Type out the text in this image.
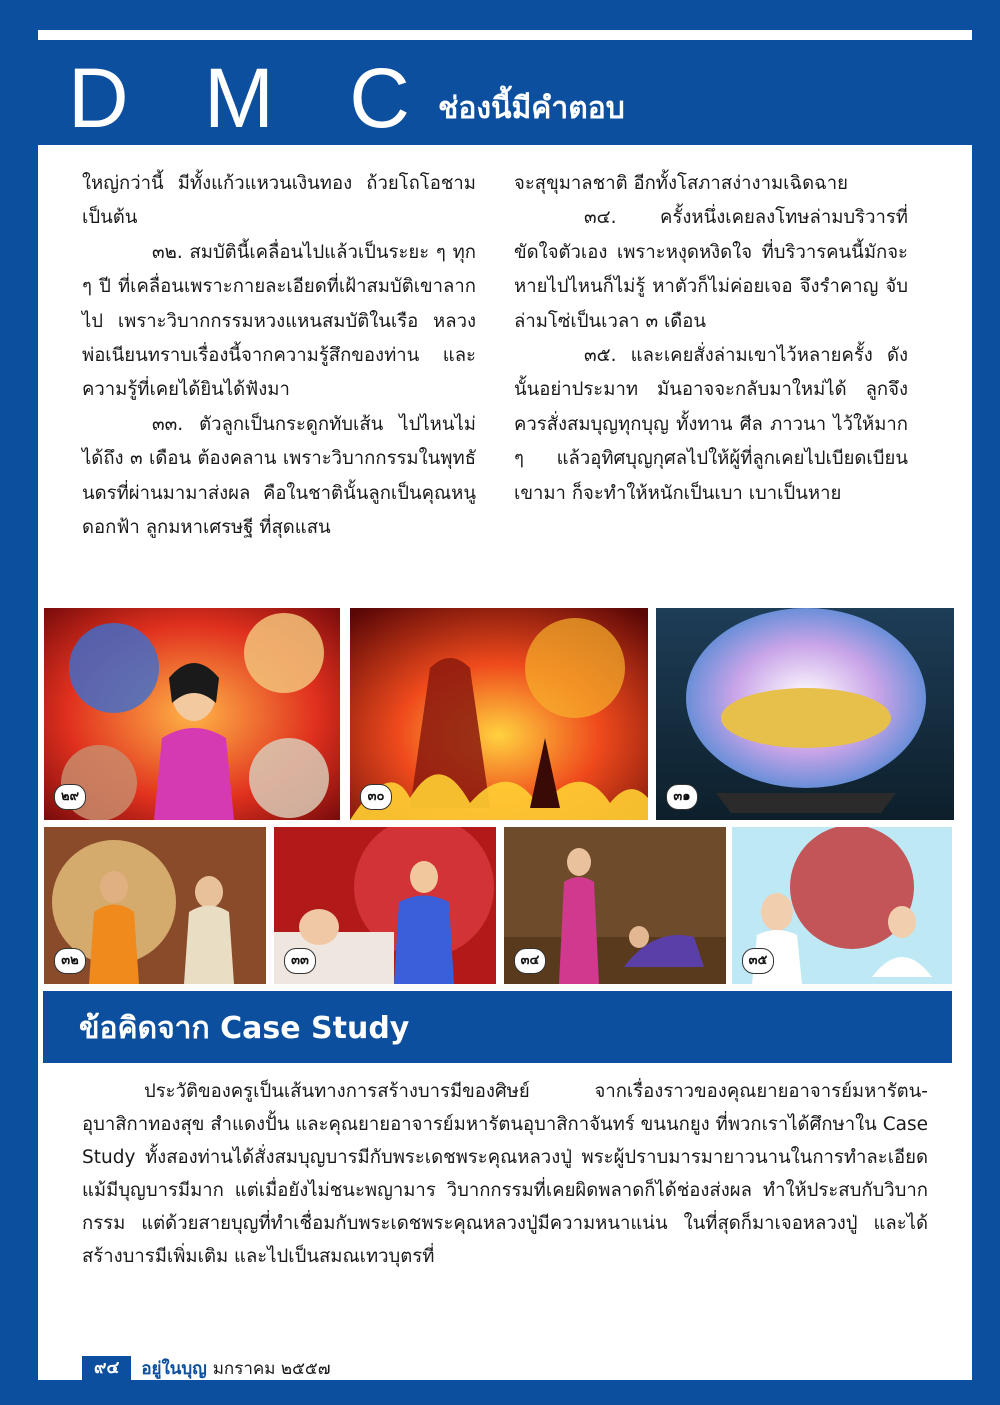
D M C ช่องนี้มีคำตอบ

ใหญ่กว่านี้ มีทั้งแก้วแหวนเงินทอง ถ้วยโถโอชาม เป็นต้น

๓๒. สมบัตินี้เคลื่อนไปแล้วเป็นระยะ ๆ ทุก ๆ ปี ที่เคลื่อนเพราะกายละเอียดที่เฝ้าสมบัติเขาลากไป เพราะวิบากกรรมหวงแหนสมบัติในเรือ หลวงพ่อเนียนทราบเรื่องนี้จากความรู้สึกของท่าน และความรู้ที่เคยได้ยินได้ฟังมา

๓๓. ตัวลูกเป็นกระดูกทับเส้น ไปไหนไม่ได้ถึง ๓ เดือน ต้องคลาน เพราะวิบากกรรมในพุทธันดรที่ผ่านมามาส่งผล คือในชาตินั้นลูกเป็นคุณหนูดอกฟ้า ลูกมหาเศรษฐี ที่สุดแสน

จะสุขุมาลชาติ อีกทั้งโสภาสง่างามเฉิดฉาย

๓๔. ครั้งหนึ่งเคยลงโทษล่ามบริวารที่ขัดใจตัวเอง เพราะหงุดหงิดใจ ที่บริวารคนนี้มักจะหายไปไหนก็ไม่รู้ หาตัวก็ไม่ค่อยเจอ จึงรำคาญ จับล่ามโซ่เป็นเวลา ๓ เดือน

๓๕. และเคยสั่งล่ามเขาไว้หลายครั้ง ดังนั้นอย่าประมาท มันอาจจะกลับมาใหม่ได้ ลูกจึงควรสั่งสมบุญทุกบุญ ทั้งทาน ศีล ภาวนา ไว้ให้มาก ๆ แล้วอุทิศบุญกุศลไปให้ผู้ที่ลูกเคยไปเบียดเบียนเขามา ก็จะทำให้หนักเป็นเบา เบาเป็นหาย

๒๙	๓๐	๓๑
๓๒	๓๓	๓๔	๓๕
ข้อคิดจาก Case Study

ประวัติของครูเป็นเส้นทางการสร้างบารมีของศิษย์ จากเรื่องราวของคุณยายอาจารย์มหารัตน-อุบาสิกาทองสุข สำแดงปั้น และคุณยายอาจารย์มหารัตนอุบาสิกาจันทร์ ขนนกยูง ที่พวกเราได้ศึกษาใน Case Study ทั้งสองท่านได้สั่งสมบุญบารมีกับพระเดชพระคุณหลวงปู่ พระผู้ปราบมารมายาวนานในการทำละเอียด แม้มีบุญบารมีมาก แต่เมื่อยังไม่ชนะพญามาร วิบากกรรมที่เคยผิดพลาดก็ได้ช่องส่งผล ทำให้ประสบกับวิบากกรรม แต่ด้วยสายบุญที่ทำเชื่อมกับพระเดชพระคุณหลวงปู่มีความหนาแน่น ในที่สุดก็มาเจอหลวงปู่ และได้สร้างบารมีเพิ่มเติม และไปเป็นสมณเทวบุตรที่

๙๔	อยู่ในบุญ มกราคม ๒๕๕๗
